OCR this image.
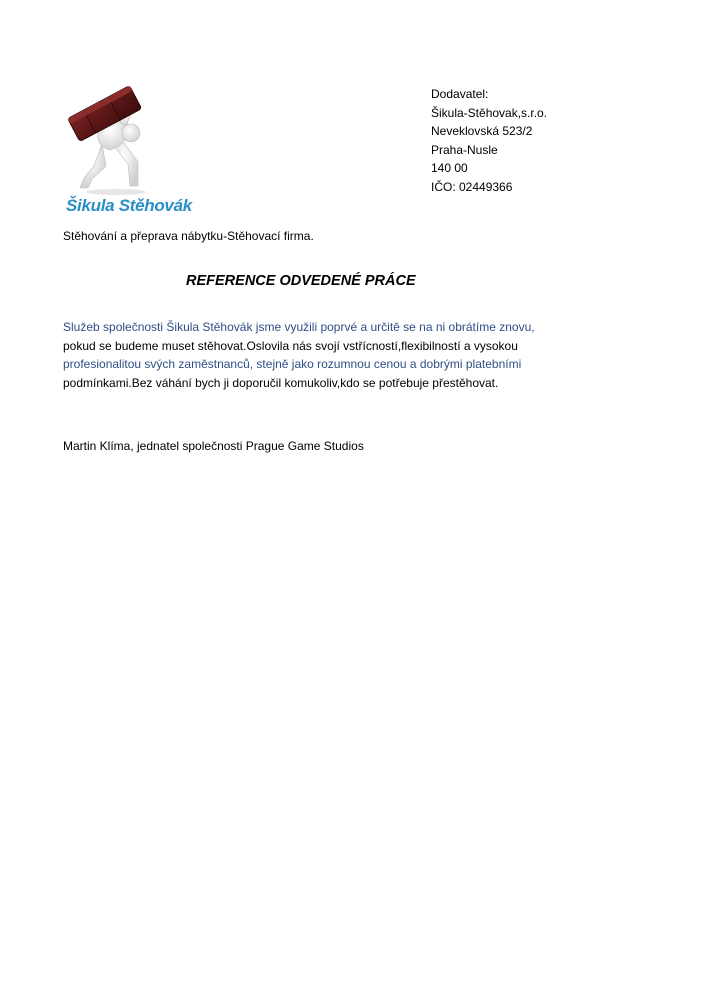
Šikula Stěhovák
Dodavatel:
Šikula-Stěhovak,s.r.o.
Neveklovská 523/2
Praha-Nusle
140 00
IČO: 02449366
Stěhování a přeprava nábytku-Stěhovací firma.
REFERENCE ODVEDENÉ PRÁCE
Služeb společnosti Šikula Stěhovák jsme využili poprvé a určitě se na ni obrátíme znovu,
pokud se budeme muset stěhovat.Oslovila nás svojí vstřícností,flexibilností a vysokou
profesionalitou svých zaměstnanců, stejně jako rozumnou cenou a dobrými platebními
podmínkami.Bez váhání bych ji doporučil komukoliv,kdo se potřebuje přestěhovat.
Martin Klíma, jednatel společnosti Prague Game Studios
